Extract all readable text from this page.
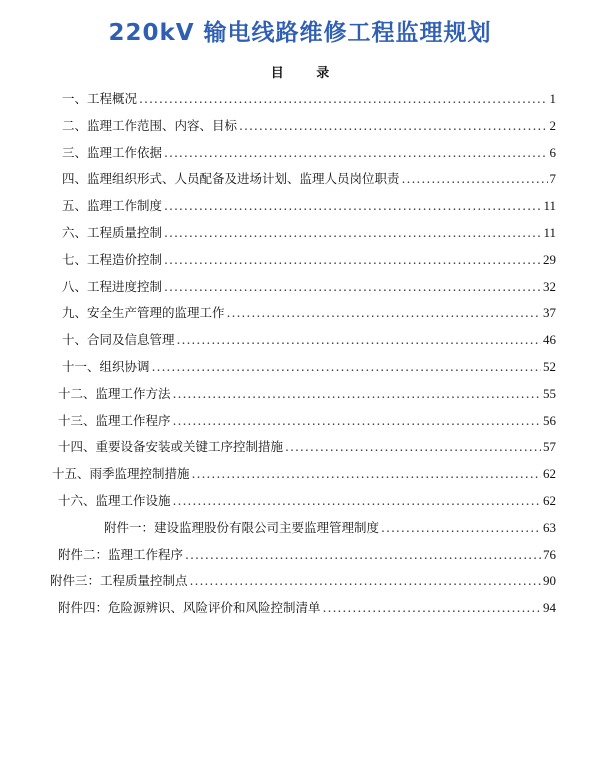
220kV 输电线路维修工程监理规划
目 录
一、工程概况 .....	1
二、监理工作范围、内容、目标 .....	2
三、监理工作依据 .....	6
四、监理组织形式、人员配备及进场计划、监理人员岗位职责 .....	7
五、监理工作制度 .....	11
六、工程质量控制 .....	11
七、工程造价控制 .....	29
八、工程进度控制 .....	32
九、安全生产管理的监理工作 .....	37
十、合同及信息管理 .....	46
十一、组织协调 .....	52
十二、监理工作方法 .....	55
十三、监理工作程序 .....	56
十四、重要设备安装或关键工序控制措施 .....	57
十五、雨季监理控制措施 .....	62
十六、监理工作设施 .....	62
附件一：建设监理股份有限公司主要监理管理制度 .....	63
附件二：监理工作程序 .....	76
附件三：工程质量控制点 .....	90
附件四：危险源辨识、风险评价和风险控制清单 .....	94
